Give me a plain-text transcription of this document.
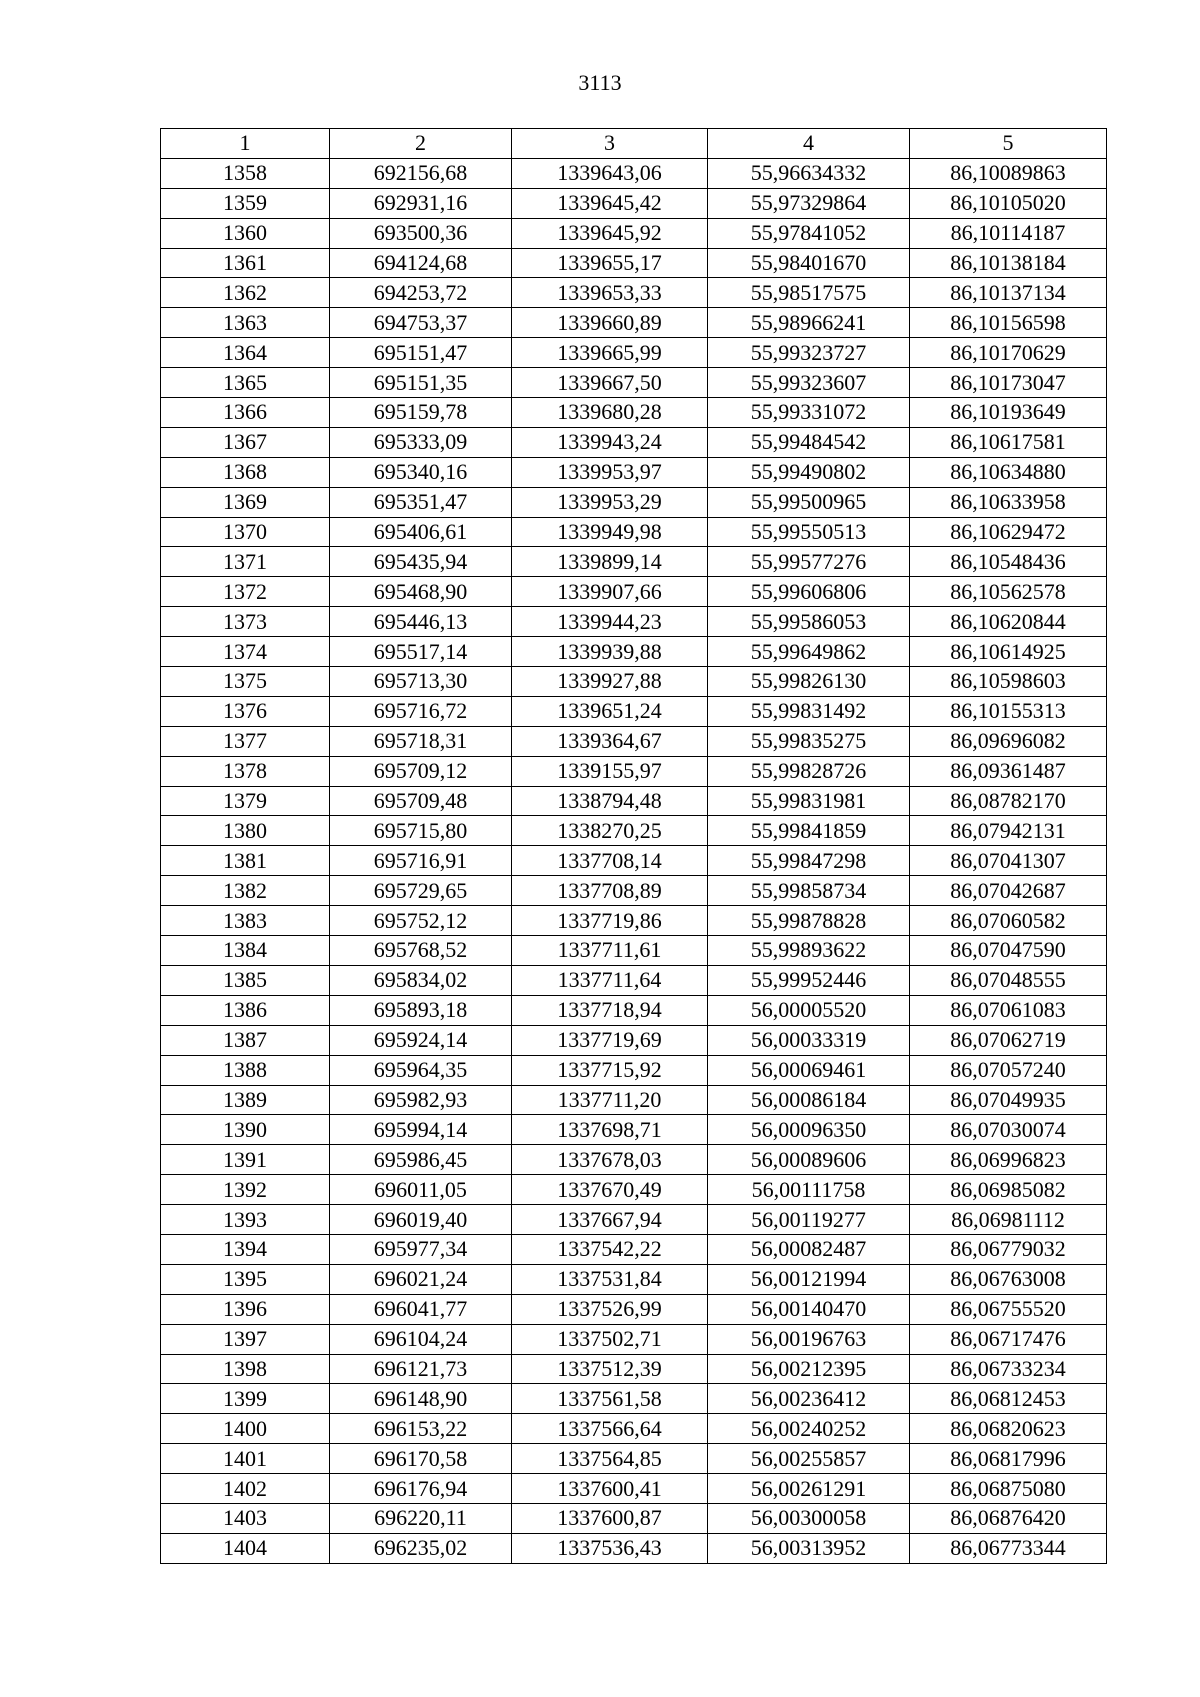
3113
1	2	3	4	5
1358	692156,68	1339643,06	55,96634332	86,10089863
1359	692931,16	1339645,42	55,97329864	86,10105020
1360	693500,36	1339645,92	55,97841052	86,10114187
1361	694124,68	1339655,17	55,98401670	86,10138184
1362	694253,72	1339653,33	55,98517575	86,10137134
1363	694753,37	1339660,89	55,98966241	86,10156598
1364	695151,47	1339665,99	55,99323727	86,10170629
1365	695151,35	1339667,50	55,99323607	86,10173047
1366	695159,78	1339680,28	55,99331072	86,10193649
1367	695333,09	1339943,24	55,99484542	86,10617581
1368	695340,16	1339953,97	55,99490802	86,10634880
1369	695351,47	1339953,29	55,99500965	86,10633958
1370	695406,61	1339949,98	55,99550513	86,10629472
1371	695435,94	1339899,14	55,99577276	86,10548436
1372	695468,90	1339907,66	55,99606806	86,10562578
1373	695446,13	1339944,23	55,99586053	86,10620844
1374	695517,14	1339939,88	55,99649862	86,10614925
1375	695713,30	1339927,88	55,99826130	86,10598603
1376	695716,72	1339651,24	55,99831492	86,10155313
1377	695718,31	1339364,67	55,99835275	86,09696082
1378	695709,12	1339155,97	55,99828726	86,09361487
1379	695709,48	1338794,48	55,99831981	86,08782170
1380	695715,80	1338270,25	55,99841859	86,07942131
1381	695716,91	1337708,14	55,99847298	86,07041307
1382	695729,65	1337708,89	55,99858734	86,07042687
1383	695752,12	1337719,86	55,99878828	86,07060582
1384	695768,52	1337711,61	55,99893622	86,07047590
1385	695834,02	1337711,64	55,99952446	86,07048555
1386	695893,18	1337718,94	56,00005520	86,07061083
1387	695924,14	1337719,69	56,00033319	86,07062719
1388	695964,35	1337715,92	56,00069461	86,07057240
1389	695982,93	1337711,20	56,00086184	86,07049935
1390	695994,14	1337698,71	56,00096350	86,07030074
1391	695986,45	1337678,03	56,00089606	86,06996823
1392	696011,05	1337670,49	56,00111758	86,06985082
1393	696019,40	1337667,94	56,00119277	86,06981112
1394	695977,34	1337542,22	56,00082487	86,06779032
1395	696021,24	1337531,84	56,00121994	86,06763008
1396	696041,77	1337526,99	56,00140470	86,06755520
1397	696104,24	1337502,71	56,00196763	86,06717476
1398	696121,73	1337512,39	56,00212395	86,06733234
1399	696148,90	1337561,58	56,00236412	86,06812453
1400	696153,22	1337566,64	56,00240252	86,06820623
1401	696170,58	1337564,85	56,00255857	86,06817996
1402	696176,94	1337600,41	56,00261291	86,06875080
1403	696220,11	1337600,87	56,00300058	86,06876420
1404	696235,02	1337536,43	56,00313952	86,06773344
